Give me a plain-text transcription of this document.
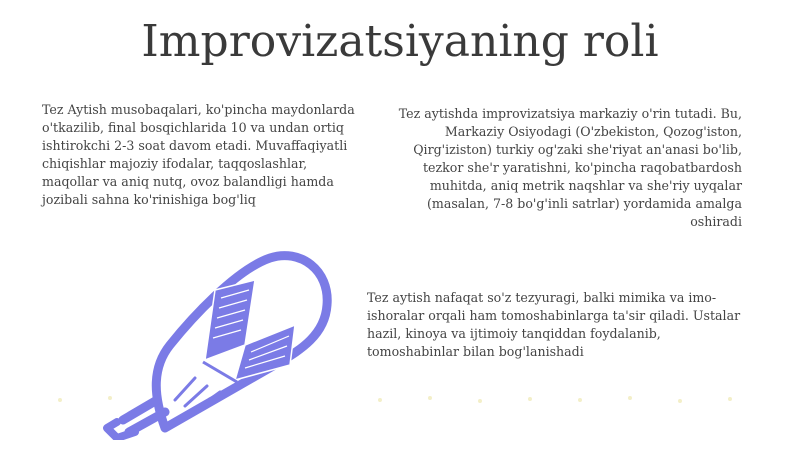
Improvizatsiyaning roli
Tez Aytish musobaqalari, ko'pincha maydonlarda o'tkazilib, final bosqichlarida 10 va undan ortiq ishtirokchi 2-3 soat davom etadi. Muvaffaqiyatli chiqishlar majoziy ifodalar, taqqoslashlar, maqollar va aniq nutq, ovoz balandligi hamda jozibali sahna ko'rinishiga bog'liq
Tez aytishda improvizatsiya markaziy o'rin tutadi. Bu, Markaziy Osiyodagi (O'zbekiston, Qozog'iston, Qirg'iziston) turkiy og'zaki she'riyat an'anasi bo'lib, tezkor she'r yaratishni, ko'pincha raqobatbardosh muhitda, aniq metrik naqshlar va she'riy uyqalar (masalan, 7-8 bo'g'inli satrlar) yordamida amalga oshiradi
Tez aytish nafaqat so'z tezyuragi, balki mimika va imo-ishoralar orqali ham tomoshabinlarga ta'sir qiladi. Ustalar hazil, kinoya va ijtimoiy tanqiddan foydalanib, tomoshabinlar bilan bog'lanishadi
